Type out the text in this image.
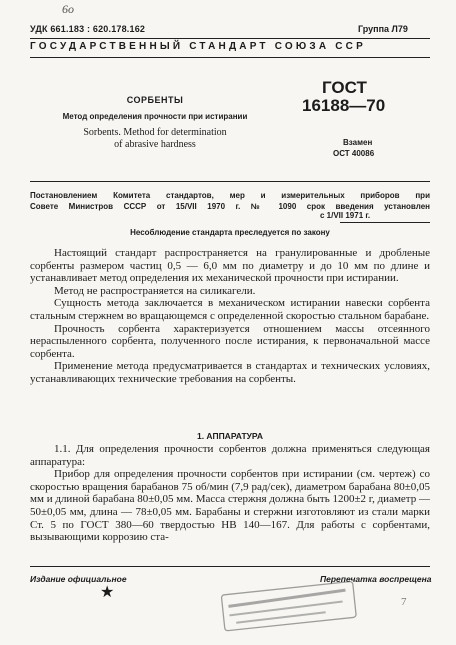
6о
УДК 661.183 : 620.178.162	Группа Л79
ГОСУДАРСТВЕННЫЙ СТАНДАРТ СОЮЗА ССР
СОРБЕНТЫ
Метод определения прочности при истирании
Sorbents. Method for determination
of abrasive hardness
ГОСТ
16188—70
Взамен
ОСТ 40086
Постановлением Комитета стандартов, мер и измерительных приборов при
Совете Министров СССР от 15/VII 1970 г. № 1090 срок введения установлен
с 1/VII 1971 г.
Несоблюдение стандарта преследуется по закону

Настоящий стандарт распространяется на гранулированные и дробленые сорбенты размером частиц 0,5 — 6,0 мм по диаметру и до 10 мм по длине и устанавливает метод определения их механической прочности при истирании.

Метод не распространяется на силикагели.

Сущность метода заключается в механическом истирании навески сорбента стальным стержнем во вращающемся с определенной скоростью стальном барабане.

Прочность сорбента характеризуется отношением массы отсеянного нераспыленного сорбента, полученного после истирания, к первоначальной массе сорбента.

Применение метода предусматривается в стандартах и технических условиях, устанавливающих технические требования на сорбенты.

1. АППАРАТУРА

1.1. Для определения прочности сорбентов должна применяться следующая аппаратура:

Прибор для определения прочности сорбентов при истирании (см. чертеж) со скоростью вращения барабанов 75 об/мин (7,9 рад/сек), диаметром барабана 80±0,05 мм и длиной барабана 80±0,05 мм. Масса стержня должна быть 1200±2 г, диаметр — 50±0,05 мм, длина — 78±0,05 мм. Барабаны и стержни изготовляют из стали марки Ст. 5 по ГОСТ 380—60 твердостью НВ 140—167. Для работы с сорбентами, вызывающими коррозию ста-

Издание официальное	Перепечатка воспрещена
★
7
